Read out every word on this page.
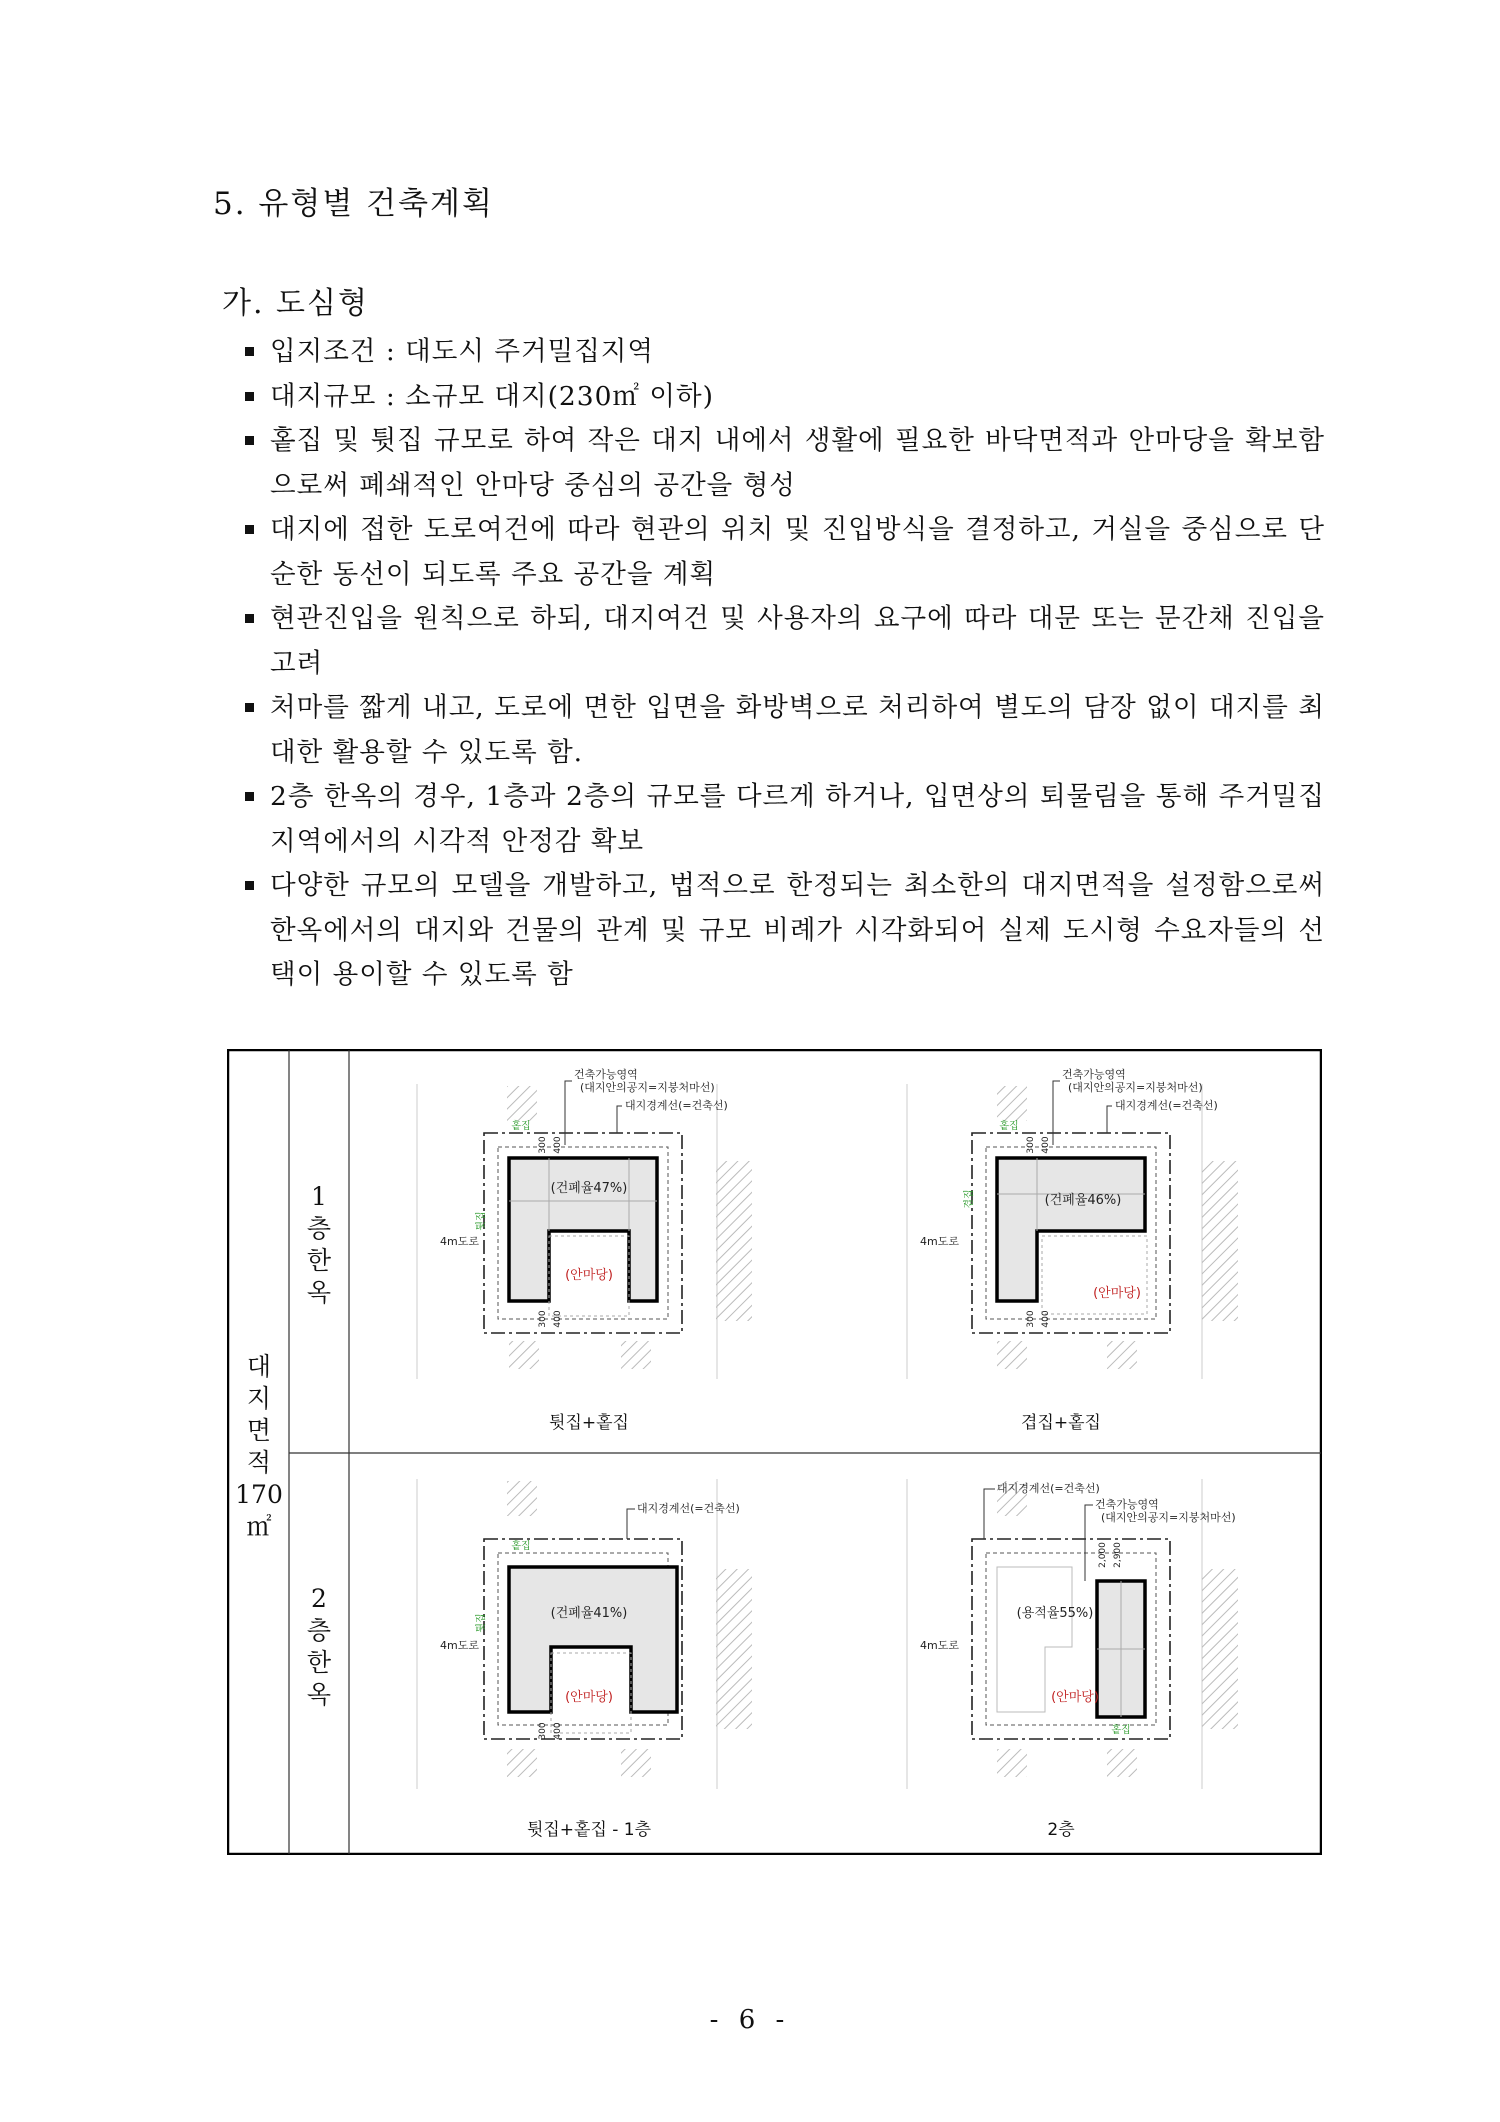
5. 유형별 건축계획
가. 도심형
입지조건 : 대도시 주거밀집지역
대지규모 : 소규모 대지(230㎡ 이하)
홑집 및 튓집 규모로 하여 작은 대지 내에서 생활에 필요한 바닥면적과 안마당을 확보함으로써 폐쇄적인 안마당 중심의 공간을 형성
대지에 접한 도로여건에 따라 현관의 위치 및 진입방식을 결정하고, 거실을 중심으로 단순한 동선이 되도록 주요 공간을 계획
현관진입을 원칙으로 하되, 대지여건 및 사용자의 요구에 따라 대문 또는 문간채 진입을 고려
처마를 짧게 내고, 도로에 면한 입면을 화방벽으로 처리하여 별도의 담장 없이 대지를 최대한 활용할 수 있도록 함.
2층 한옥의 경우, 1층과 2층의 규모를 다르게 하거나, 입면상의 퇴물림을 통해 주거밀집지역에서의 시각적 안정감 확보
다양한 규모의 모델을 개발하고, 법적으로 한정되는 최소한의 대지면적을 설정함으로써 한옥에서의 대지와 건물의 관계 및 규모 비례가 시각화되어 실제 도시형 수요자들의 선택이 용이할 수 있도록 함
대
지
면
적
170
㎡
1
층
한
옥
2
층
한
옥
(건폐율47%)
(안마당)
4m도로
홑집
튓집
300 400
300 400
건축가능영역
(대지안의공지=지붕처마선)
대지경계선(=건축선)
튓집+홑집
(건폐율46%)
(안마당)
4m도로
홑집
겹집
300 400
300 400
건축가능영역
(대지안의공지=지붕처마선)
대지경계선(=건축선)
겹집+홑집
(건폐율41%)
(안마당)
4m도로
홑집
튓집
300 400
대지경계선(=건축선)
튓집+홑집 - 1층
(용적율55%)
(안마당)
4m도로
홑집
2,000 2,900
대지경계선(=건축선)
건축가능영역
(대지안의공지=지붕처마선)
2층
- 6 -
